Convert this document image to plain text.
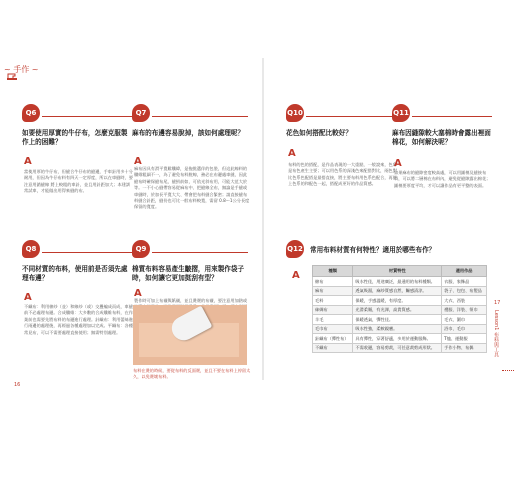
~ 手作 ~
Q6
如要使用厚實的牛仔布，怎麼克服製作上的困難？
A
當使用厚的牛仔布，但縫合牛仔布的縫邊，手車針用多十分耐用，但因為牛仔布料有四天一定厚度，所以在車縫時，要注意用錯縫線 將上較粗的車針，並且用針距加大；本建訓 常試車，才能做出用得來縫的布。
Q7
麻布的布邊容易脫掉，該如何處理呢？
A
麻布因具有滑平寬鬆纖緯，是拖挑選伴的包裝，但這此線料的纖維粗細不一，為了避免布料脫線，務必在布邊處車縫，因此縫布時確保縫布尾，縫紉前如，可依光斜布用，可能大范大於等。一不小心縫帶容易從麻布中、把縫線全布，無論是手縫或車縫時，於加長平寬大大、帶會把布料縫合緊密；請直接縫布料縫合針距，縫份也可比一般布料較寬，需留 0.8～1公分長度保留的寬度。
Q8
不同材質的布料，使用前是否須先處理布邊？
A
不織布：利用棉紗（並）和線紗（或）交疊編成而成，車縫前不必處理布邊。合成纖維：大多數的合成纖維布料，在作業前也需要先將布料的布邊進行處理。針織布：利用蕾絲進行兩邊的處理後，再經過各種處理加以完成。平織布：各種常見布，可以不需要處理直接使用；無需特別處理。
Q9
棉質布料容易產生皺摺，用來製作袋子時，如何讓它更加挺刮有型？
A
製作時可加上布襯與紙襯，並且燙燙的布襯，要注意用加熱或
布料在燙的時候，要從布料的反面燙，並且不要在布料上停留太久，以免燙壞布料。
Q10
花色如何搭配比較好？
A
布料的色的搭配，是作品表現的一大重點，一般說來，色彩是布色產生主要；可以用色系的深淺色來配搭對比，兩色對比色系色配搭是最搭直接，將主要布料用色系色配合，再把上色系的和配色一起，搭配成更好的作品質感。
Q11
麻布因縫隙較大塞棉時會露出裡面棉花，如何解決呢？
A
如果麻布的縫隙密度較高處，可以用鋪棉及縫接布料，可以將二層棉在布料內，避免從縫隙露出棉花；鋪棉要厚度平均，才可以讓作品有更平整的表面。
Q12 常用布料材質有何特性？適用於哪些布作？
A	種類	材質特性	適用作品
棉布	吸水性佳，用途廣泛，最通用的布料種類。	衣服、家飾品
麻布	透氣吸濕，麻紗質感自然，觸感清涼。	袋子、包包、布製品
毛料	保暖，手感溫暖，有厚度。	大衣、西裝
絲綢布	光滑柔順，有光澤，高貴質感。	禮服、洋裝、領巾
羊毛	保暖透氣，彈性佳。	毛衣、圍巾
毛巾布	吸水性強，柔軟親膚。	浴巾、毛巾
針織布（彈性布）	具有彈性，穿著舒適，多用於運動服飾。	T恤、運動服
不織布	不需收邊，容易剪裁，可任意裁剪成形狀。	手作小物、布偶
16
17
Lesson1 布料與工具
